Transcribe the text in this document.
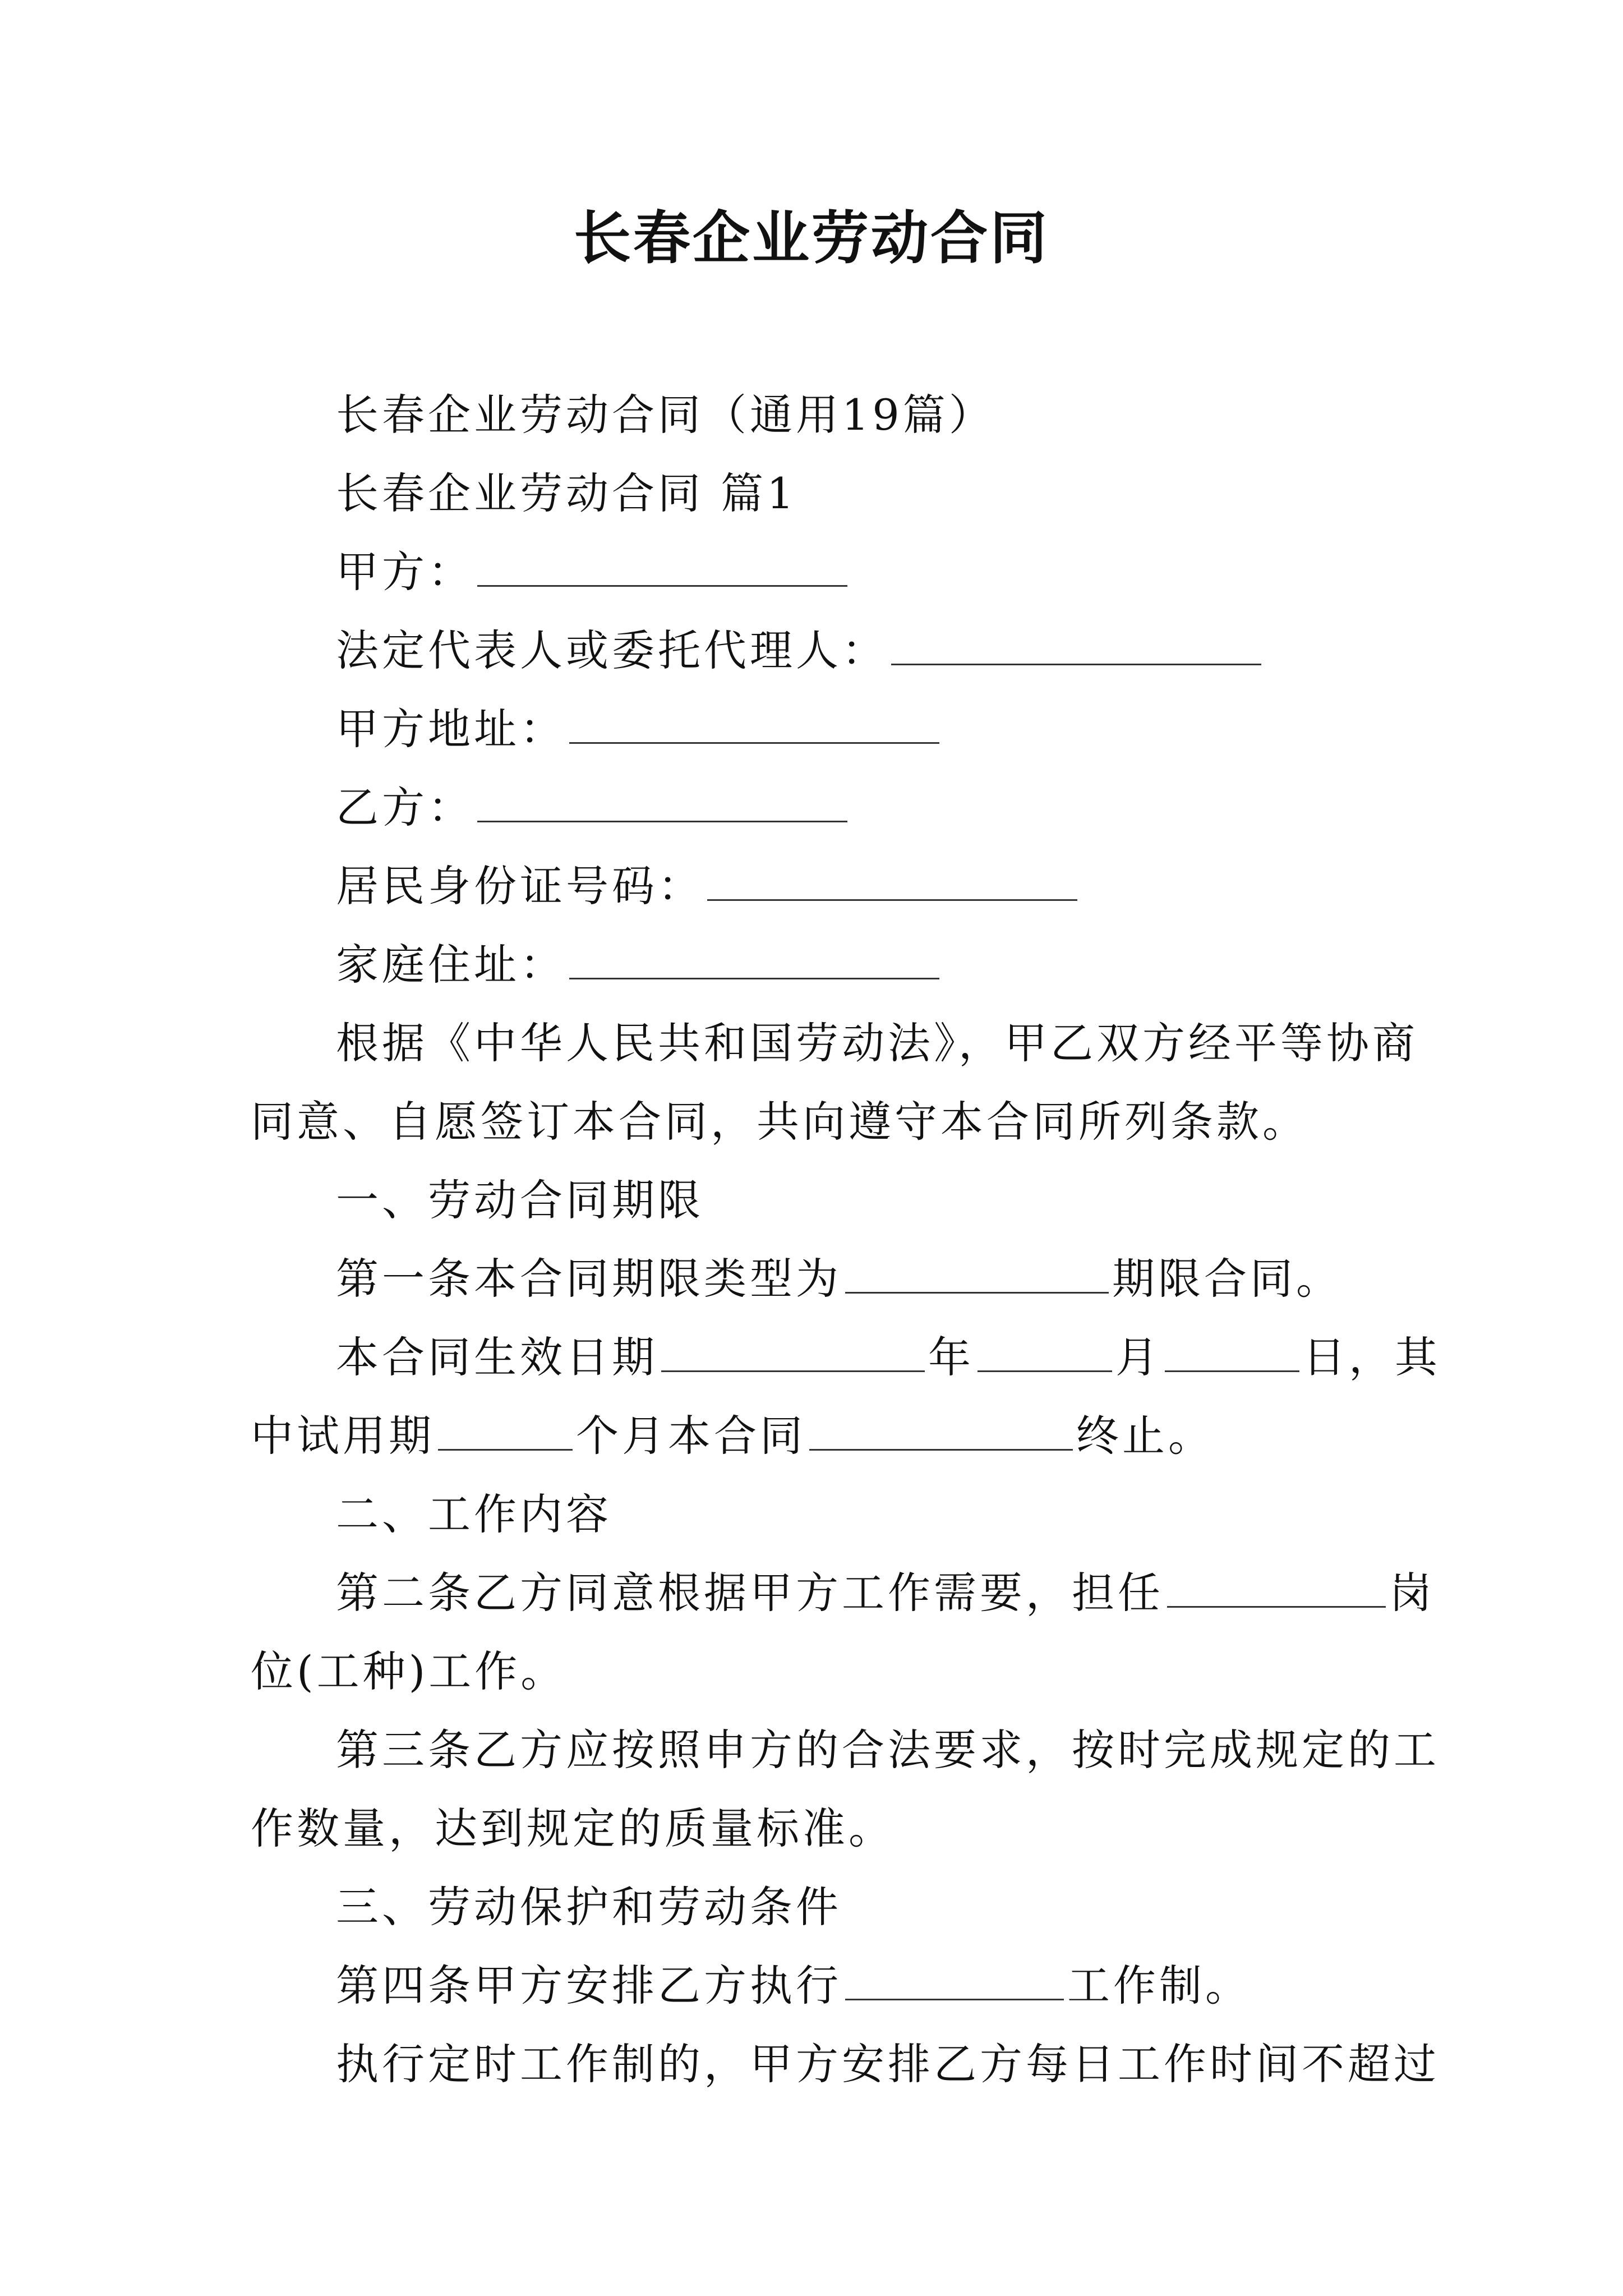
长春企业劳动合同

长春企业劳动合同（通用19篇）

长春企业劳动合同 篇1

甲方：

法定代表人或委托代理人：

甲方地址：

乙方：

居民身份证号码：

家庭住址：

根据《中华人民共和国劳动法》，甲乙双方经平等协商

同意、自愿签订本合同，共向遵守本合同所列条款。

一、劳动合同期限

第一条本合同期限类型为	期限合同。

本合同生效日期	年	月	日，其

中试用期	个月本合同	终止。

二、工作内容

第二条乙方同意根据甲方工作需要，担任	岗

位(工种)工作。

第三条乙方应按照申方的合法要求，按时完成规定的工

作数量，达到规定的质量标准。

三、劳动保护和劳动条件

第四条甲方安排乙方执行	工作制。

执行定时工作制的，甲方安排乙方每日工作时间不超过
